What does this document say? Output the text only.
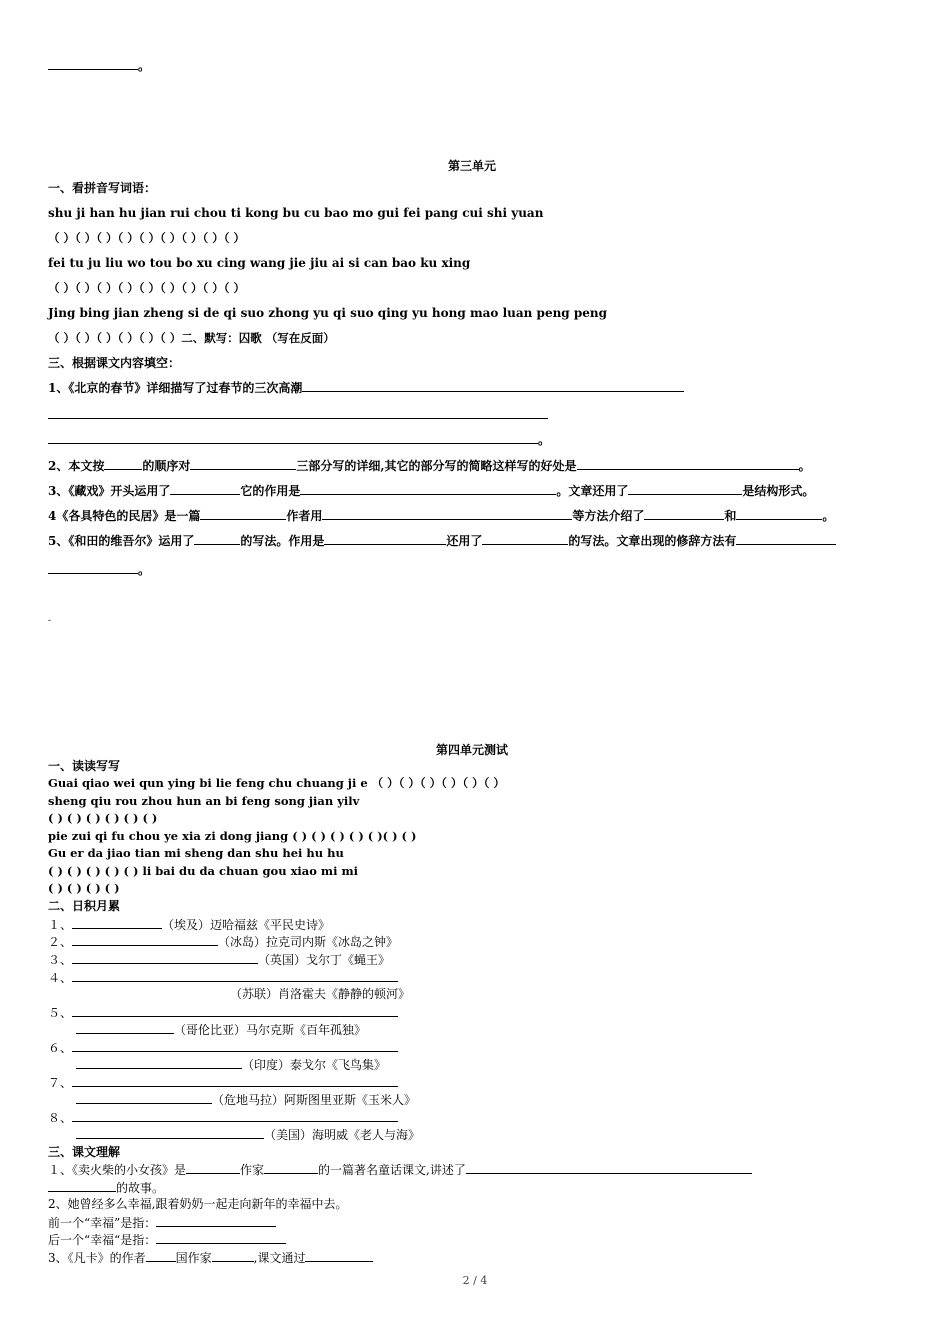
。
第三单元
一、看拼音写词语：
shu ji han hu jian rui chou ti kong bu cu bao mo gui fei pang cui shi yuan
（ ）（ ）（ ）（ ）（ ）（ ）（ ）（ ）（ ）
fei tu ju liu wo tou bo xu cing wang jie jiu ai si can bao ku xing
（ ）（ ）（ ）（ ）（ ）（ ）（ ）（ ）（ ）
Jing bing jian zheng si de qi suo zhong yu qi suo qing yu hong mao luan peng peng
（ ）（ ）（ ）（ ）（ ）（ ）二、默写：囚歌 （写在反面）
三、根据课文内容填空：
1、《北京的春节》详细描写了过春节的三次高潮
。
2、本文按	的顺序对	三部分写的详细,其它的部分写的简略这样写的好处是	。
3、《藏戏》开头运用了	它的作用是	。文章还用了	是结构形式。
4《各具特色的民居》是一篇	作者用	等方法介绍了	和	。
5、《和田的维吾尔》运用了	的写法。作用是	还用了	的写法。文章出现的修辞方法有
。
-
第四单元测试
一、读读写写
Guai qiao wei qun ying bi lie feng chu chuang ji e （ ）（ ）（ ）（ ）（ ）（ ）
sheng qiu rou zhou hun an bi feng song jian yilv
( ) ( ) ( ) ( ) ( ) ( )
pie zui qi fu chou ye xia zi dong jiang ( ) ( ) ( ) ( ) ( )( ) ( )
Gu er da jiao tian mi sheng dan shu hei hu hu
( ) ( ) ( ) ( ) ( ) li bai du da chuan gou xiao mi mi
( ) ( ) ( ) ( )
二、日积月累
１、	（埃及）迈哈福兹《平民史诗》
２、	（冰岛）拉克司内斯《冰岛之钟》
３、	（英国）戈尔丁《蝇王》
４、
（苏联）肖洛霍夫《静静的顿河》
５、
（哥伦比亚）马尔克斯《百年孤独》
６、
（印度）泰戈尔《飞鸟集》
７、
（危地马拉）阿斯图里亚斯《玉米人》
８、
（美国）海明威《老人与海》
三、课文理解
１、《卖火柴的小女孩》是	作家	的一篇著名童话课文,讲述了
的故事。
2、她曾经多么幸福,跟着奶奶一起走向新年的幸福中去。
前一个“幸福”是指：
后一个“幸福“是指：
3、《凡卡》的作者	国作家	,课文通过
2 / 4
